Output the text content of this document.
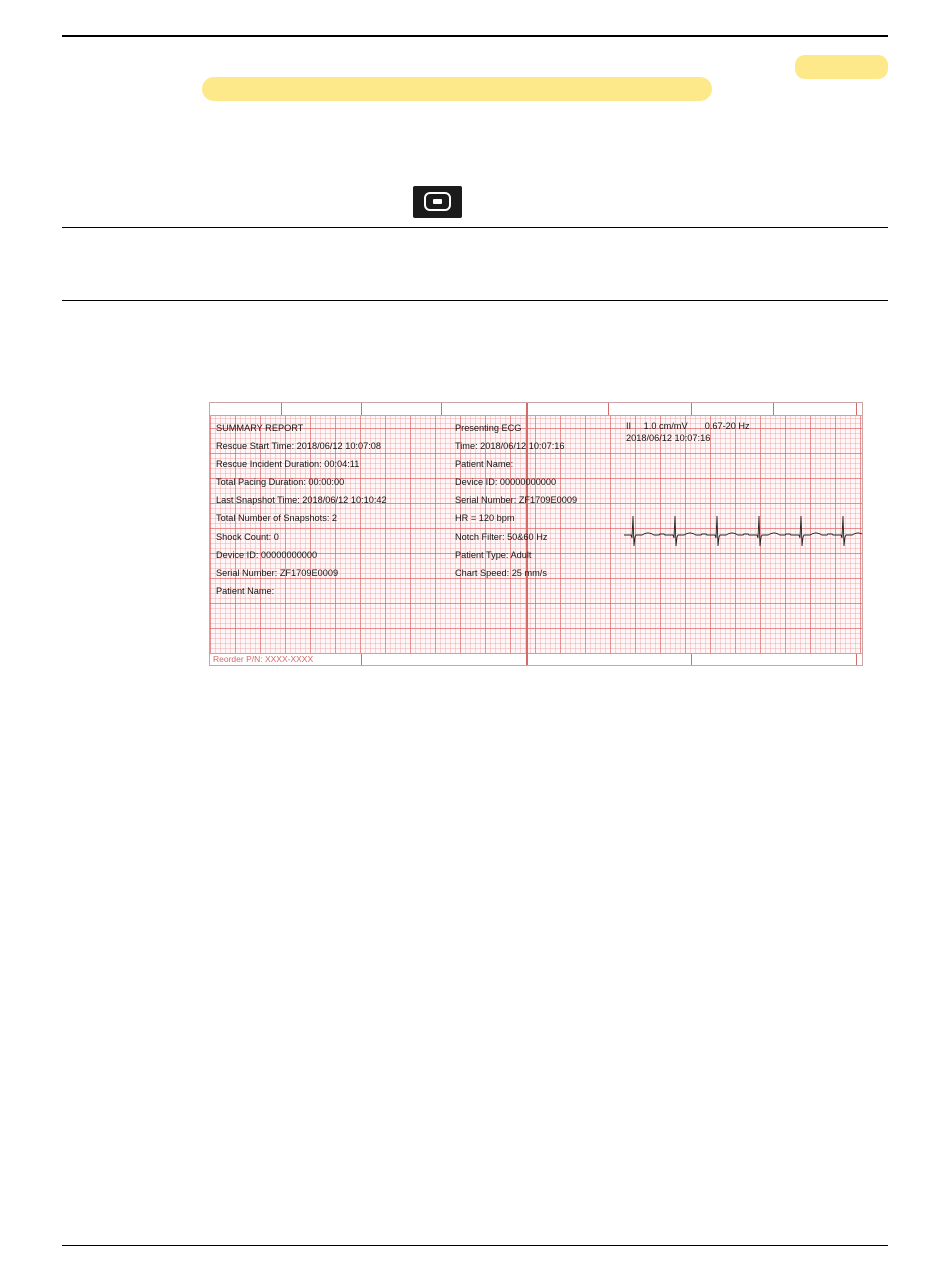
SUMMARY REPORT
Rescue Start Time: 2018/06/12 10:07:08
Rescue Incident Duration: 00:04:11
Total Pacing Duration: 00:00:00
Last Snapshot Time: 2018/06/12 10:10:42
Total Number of Snapshots: 2
Shock Count: 0
Device ID: 00000000000
Serial Number: ZF1709E0009
Patient Name:
Presenting ECG
Time: 2018/06/12 10:07:16
Patient Name:
Device ID: 00000000000
Serial Number: ZF1709E0009
HR = 120 bpm
Notch Filter: 50&60 Hz
Patient Type: Adult
Chart Speed: 25 mm/s
II 1.0 cm/mV 0.67-20 Hz
2018/06/12 10:07:16
Reorder P/N: XXXX-XXXX
